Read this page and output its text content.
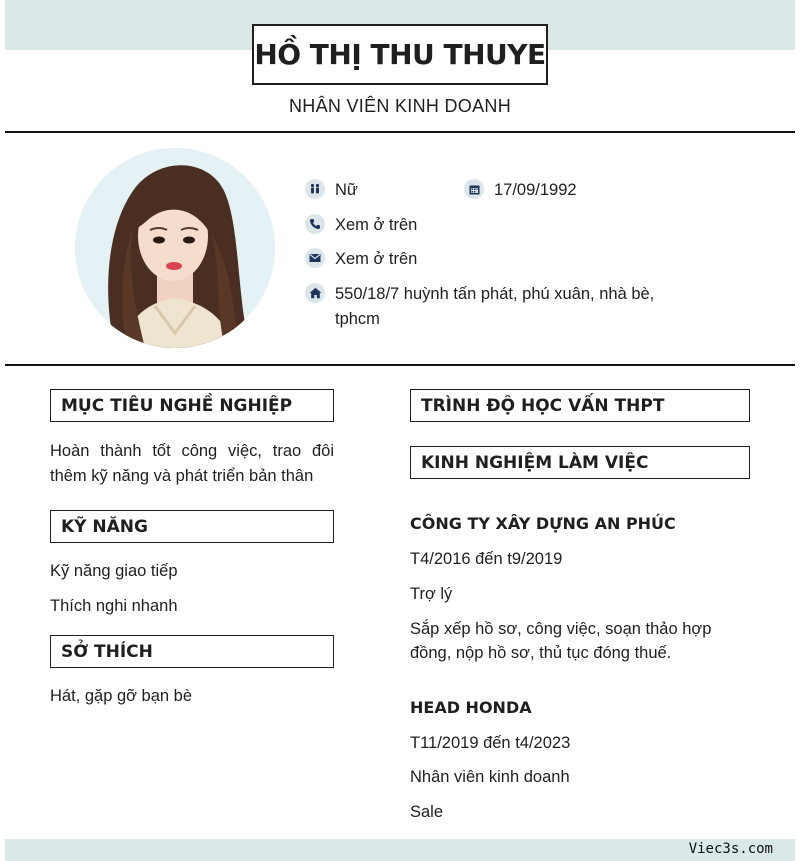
HỒ THỊ THU THUYE
NHÂN VIÊN KINH DOANH
Nữ	17/09/1992
Xem ở trên
Xem ở trên
550/18/7 huỳnh tấn phát, phú xuân, nhà bè,
tphcm
MỤC TIÊU NGHỀ NGHIỆP
Hoàn thành tốt công việc, trao đôi
thêm kỹ năng và phát triển bản thân
KỸ NĂNG
Kỹ năng giao tiếp
Thích nghi nhanh
SỞ THÍCH
Hát, gặp gỡ bạn bè
TRÌNH ĐỘ HỌC VẤN THPT
KINH NGHIỆM LÀM VIỆC
CÔNG TY XÂY DỰNG AN PHÚC
T4/2016 đến t9/2019
Trợ lý
Sắp xếp hồ sơ, công việc, soạn thảo hợp
đồng, nộp hồ sơ, thủ tục đóng thuế.
HEAD HONDA
T11/2019 đến t4/2023
Nhân viên kinh doanh
Sale
Viec3s.com
